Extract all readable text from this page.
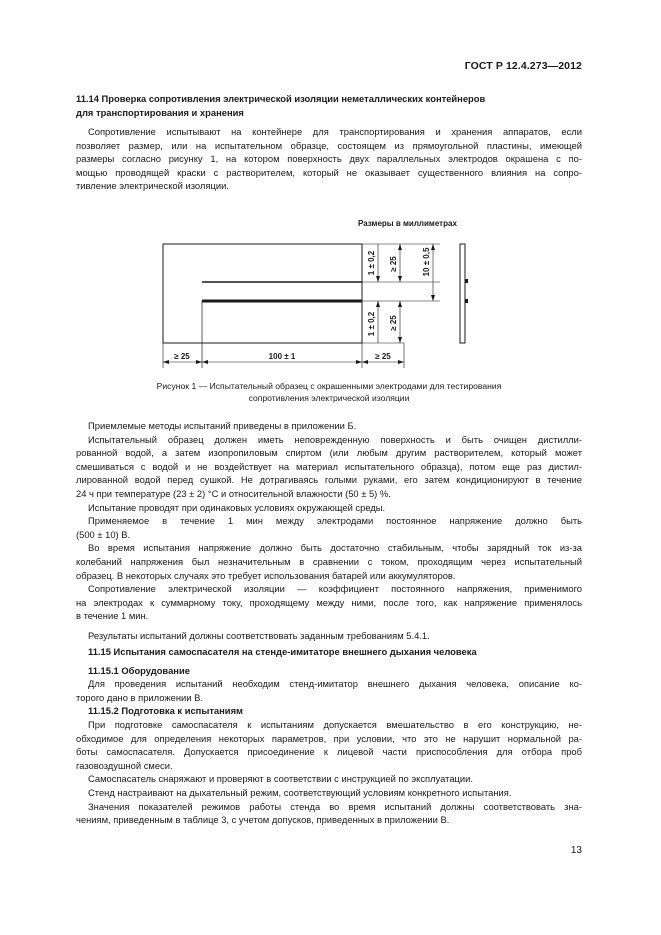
ГОСТ Р 12.4.273—2012

11.14 Проверка сопротивления электрической изоляции неметаллических контейнеров

для транспортирования и хранения

Сопротивление испытывают на контейнере для транспортирования и хранения аппаратов, если

позволяет размер, или на испытательном образце, состоящем из прямоугольной пластины, имеющей

размеры согласно рисунку 1, на котором поверхность двух параллельных электродов окрашена с по-

мощью проводящей краски с растворителем, который не оказывает существенного влияния на сопро-

тивление электрической изоляции.

Размеры в миллиметрах
≥ 25	100 ± 1	≥ 25
1 ± 0,2
1 ± 0,2
≥ 25
≥ 25
10 ± 0,5
Рисунок 1 — Испытательный образец с окрашенными электродами для тестирования
сопротивления электрической изоляции

Приемлемые методы испытаний приведены в приложении Б.

Испытательный образец должен иметь неповрежденную поверхность и быть очищен дистилли-

рованной водой, а затем изопропиловым спиртом (или любым другим растворителем, который может

смешиваться с водой и не воздействует на материал испытательного образца), потом еще раз дистил-

лированной водой перед сушкой. Не дотрагиваясь голыми руками, его затем кондиционируют в течение

24 ч при температуре (23 ± 2) °С и относительной влажности (50 ± 5) %.

Испытание проводят при одинаковых условиях окружающей среды.

Применяемое в течение 1 мин между электродами постоянное напряжение должно быть

(500 ± 10) В.

Во время испытания напряжение должно быть достаточно стабильным, чтобы зарядный ток из-за

колебаний напряжения был незначительным в сравнении с током, проходящим через испытательный

образец. В некоторых случаях это требует использования батарей или аккумуляторов.

Сопротивление электрической изоляции — коэффициент постоянного напряжения, применимого

на электродах к суммарному току, проходящему между ними, после того, как напряжение применялось

в течение 1 мин.

Результаты испытаний должны соответствовать заданным требованиям 5.4.1.

11.15 Испытания самоспасателя на стенде-имитаторе внешнего дыхания человека

11.15.1 Оборудование

Для проведения испытаний необходим стенд-имитатор внешнего дыхания человека, описание ко-

торого дано в приложении В.

11.15.2 Подготовка к испытаниям

При подготовке самоспасателя к испытаниям допускается вмешательство в его конструкцию, не-

обходимое для определения некоторых параметров, при условии, что это не нарушит нормальной ра-

боты самоспасателя. Допускается присоединение к лицевой части приспособления для отбора проб

газовоздушной смеси.

Самоспасатель снаряжают и проверяют в соответствии с инструкцией по эксплуатации.

Стенд настраивают на дыхательный режим, соответствующий условиям конкретного испытания.

Значения показателей режимов работы стенда во время испытаний должны соответствовать зна-

чениям, приведенным в таблице 3, с учетом допусков, приведенных в приложении В.

13
